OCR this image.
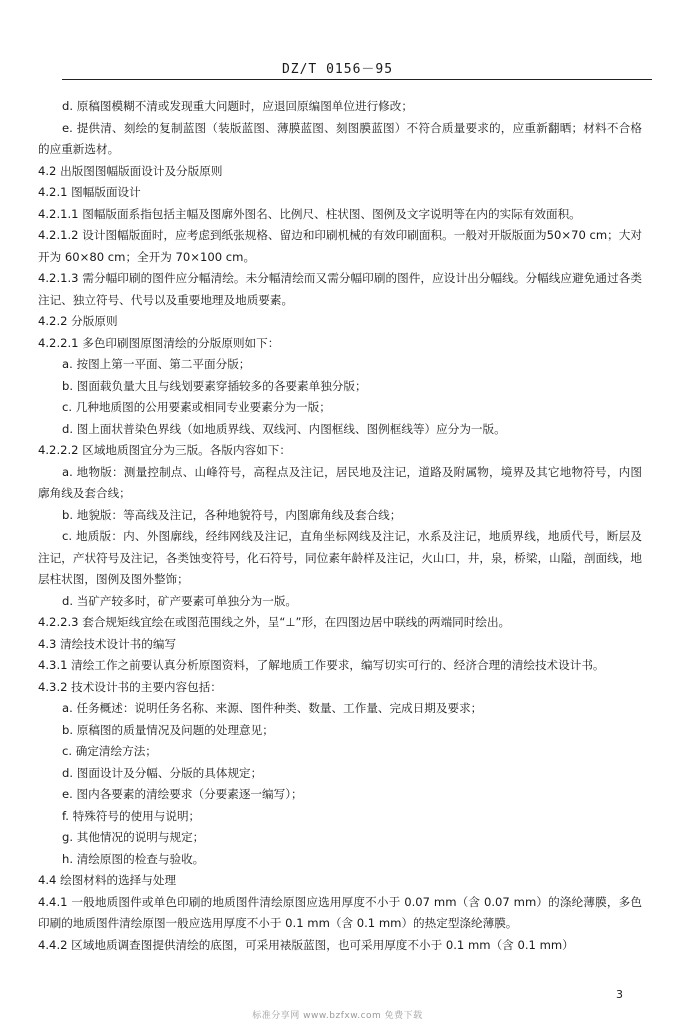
DZ/T 0156－95

d. 原稿图模糊不清或发现重大问题时，应退回原编图单位进行修改；

e. 提供清、刻绘的复制蓝图（装版蓝图、薄膜蓝图、刻图膜蓝图）不符合质量要求的，应重新翻晒；材料不合格的应重新选材。

4.2 出版图图幅版面设计及分版原则

4.2.1 图幅版面设计

4.2.1.1 图幅版面系指包括主幅及图廓外图名、比例尺、柱状图、图例及文字说明等在内的实际有效面积。

4.2.1.2 设计图幅版面时，应考虑到纸张规格、留边和印刷机械的有效印刷面积。一般对开版版面为50×70 cm；大对开为 60×80 cm；全开为 70×100 cm。

4.2.1.3 需分幅印刷的图件应分幅清绘。未分幅清绘而又需分幅印刷的图件，应设计出分幅线。分幅线应避免通过各类注记、独立符号、代号以及重要地理及地质要素。

4.2.2 分版原则

4.2.2.1 多色印刷图原图清绘的分版原则如下：

a. 按图上第一平面、第二平面分版；

b. 图面载负量大且与线划要素穿插较多的各要素单独分版；

c. 几种地质图的公用要素或相同专业要素分为一版；

d. 图上面状普染色界线（如地质界线、双线河、内图框线、图例框线等）应分为一版。

4.2.2.2 区域地质图宜分为三版。各版内容如下：

a. 地物版：测量控制点、山峰符号，高程点及注记，居民地及注记，道路及附属物，境界及其它地物符号，内图廓角线及套合线；

b. 地貌版：等高线及注记，各种地貌符号，内图廓角线及套合线；

c. 地质版：内、外图廓线，经纬网线及注记，直角坐标网线及注记，水系及注记，地质界线，地质代号，断层及注记，产状符号及注记，各类蚀变符号，化石符号，同位素年龄样及注记，火山口，井，泉，桥梁，山隘，剖面线，地层柱状图，图例及图外整饰；

d. 当矿产较多时，矿产要素可单独分为一版。

4.2.2.3 套合规矩线宜绘在或图范围线之外，呈“⊥”形，在四图边居中联线的两端同时绘出。

4.3 清绘技术设计书的编写

4.3.1 清绘工作之前要认真分析原图资料，了解地质工作要求，编写切实可行的、经济合理的清绘技术设计书。

4.3.2 技术设计书的主要内容包括：

a. 任务概述：说明任务名称、来源、图件种类、数量、工作量、完成日期及要求；

b. 原稿图的质量情况及问题的处理意见；

c. 确定清绘方法；

d. 图面设计及分幅、分版的具体规定；

e. 图内各要素的清绘要求（分要素逐一编写）；

f. 特殊符号的使用与说明；

g. 其他情况的说明与规定；

h. 清绘原图的检查与验收。

4.4 绘图材料的选择与处理

4.4.1 一般地质图件或单色印刷的地质图件清绘原图应选用厚度不小于 0.07 mm（含 0.07 mm）的涤纶薄膜，多色印刷的地质图件清绘原图一般应选用厚度不小于 0.1 mm（含 0.1 mm）的热定型涤纶薄膜。

4.4.2 区域地质调查图提供清绘的底图，可采用裱版蓝图，也可采用厚度不小于 0.1 mm（含 0.1 mm）

3
标准分享网 www.bzfxw.com 免费下载
